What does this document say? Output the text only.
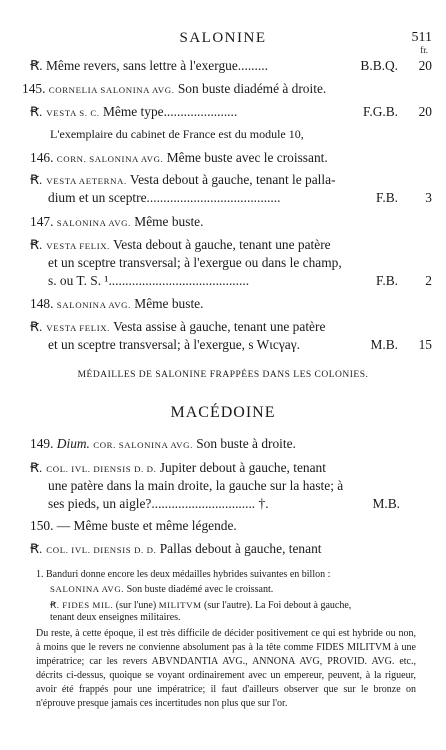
SALONINE	511
fr.
Ꞧ. Même revers, sans lettre à l'exergue.........	B.B.Q. 20
145. CORNELIA SALONINA AVG. Son buste diadémé à droite.
Ꞧ. VESTA S. C. Même type......................	F.G.B. 20
L'exemplaire du cabinet de France est du module 10,
146. CORN. SALONINA AVG. Même buste avec le croissant.
Ꞧ. VESTA AETERNA. Vesta debout à gauche, tenant le palla-
dium et un sceptre........................................	F.B. 3
147. SALONINA AVG. Même buste.
Ꞧ. VESTA FELIX. Vesta debout à gauche, tenant une patère
et un sceptre transversal; à l'exergue ou dans le champ,
s. ou T. S. ¹..........................................	F.B. 2
148. SALONINA AVG. Même buste.
Ꞧ. VESTA FELIX. Vesta assise à gauche, tenant une patère
et un sceptre transversal; à l'exergue, s Wιcγaγ.	M.B. 15
MÉDAILLES DE SALONINE FRAPPÉES DANS LES COLONIES.
MACÉDOINE
149. Dium. COR. SALONINA AVG. Son buste à droite.
Ꞧ. COL. IVL. DIENSIS D. D. Jupiter debout à gauche, tenant
une patère dans la main droite, la gauche sur la haste; à
ses pieds, un aigle?............................... †.	M.B.
150. — Même buste et même légende.
Ꞧ. COL. IVL. DIENSIS D. D. Pallas debout à gauche, tenant
1. Banduri donne encore les deux médailles hybrides suivantes en billon :
SALONINA AVG. Son buste diadémé avec le croissant.
Ꞧ. FIDES MIL. (sur l'une) MILITVM (sur l'autre). La Foi debout à gauche,
tenant deux enseignes militaires.
Du reste, à cette époque, il est très difficile de décider positivement ce qui est hybride ou non, à moins que le revers ne convienne absolument pas à la tête comme FIDES MILITVM à une impératrice; car les revers ABVNDANTIA AVG., ANNONA AVG, PROVID. AVG. etc., décrits ci-dessus, quoique se voyant ordinairement avec un empereur, peuvent, à la rigueur, avoir été frappés pour une impératrice; il faut d'ailleurs observer que sur le bronze on n'éprouve presque jamais ces incertitudes non plus que sur l'or.
